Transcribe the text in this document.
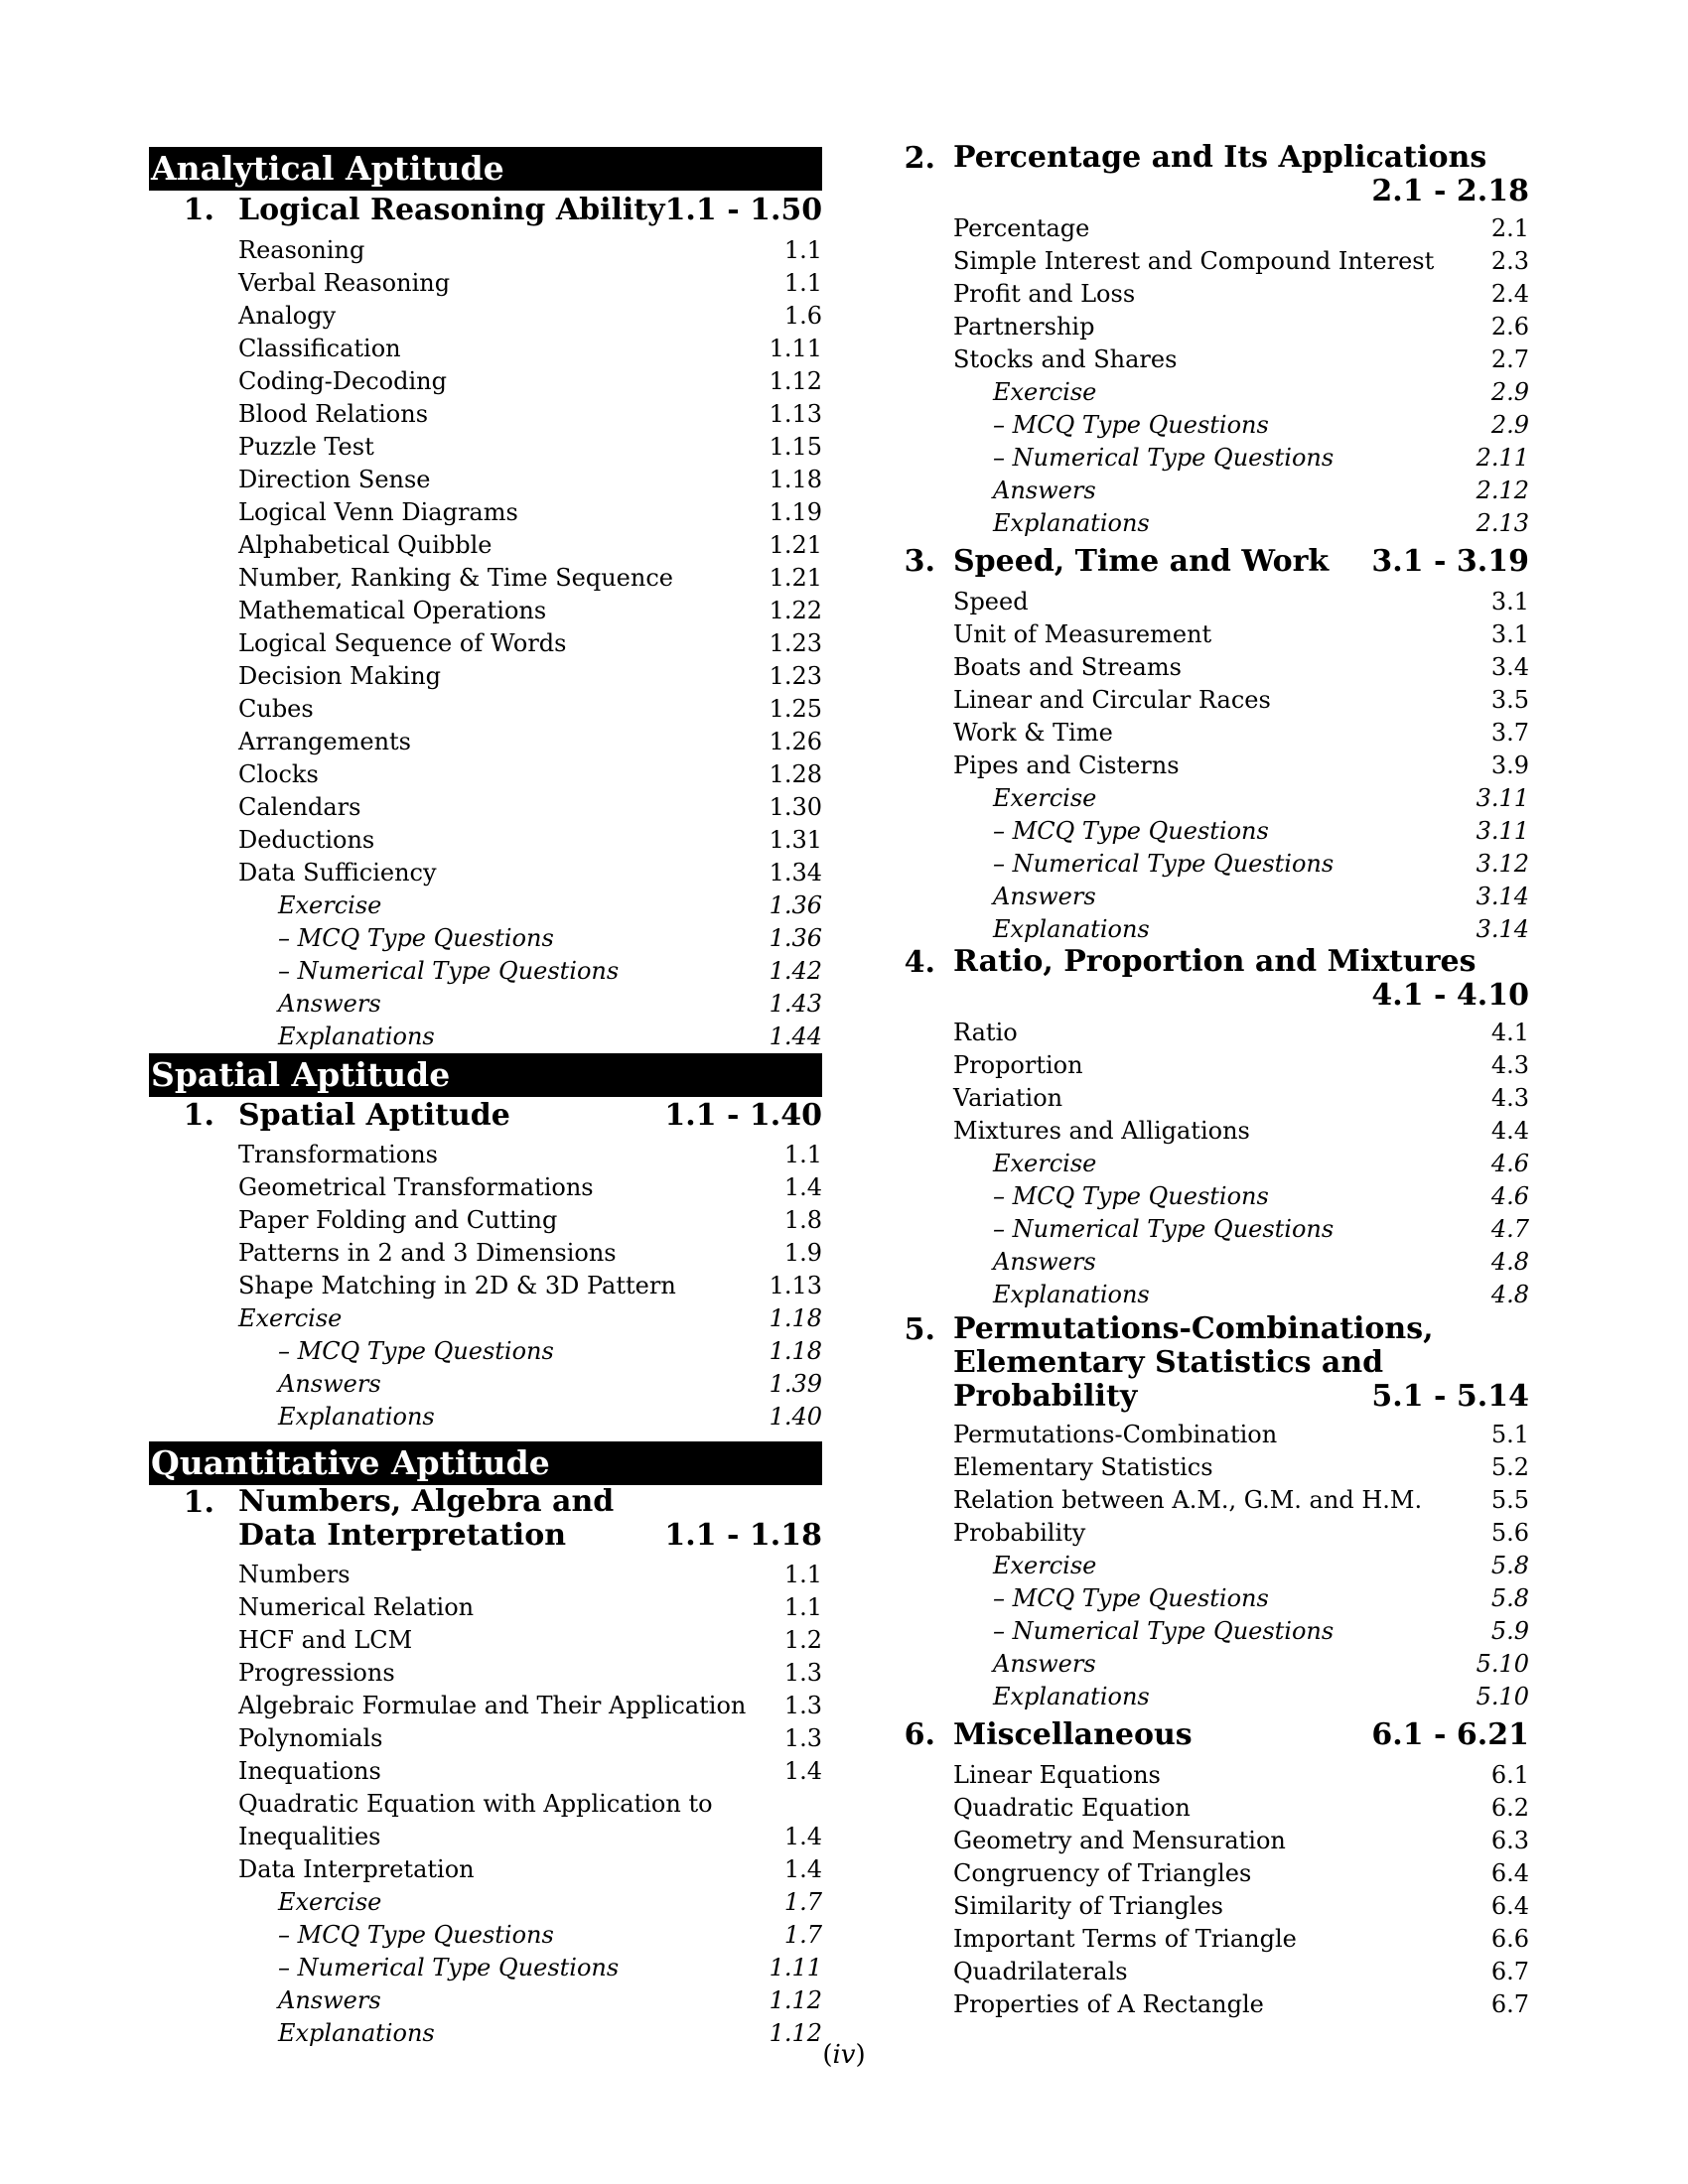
Analytical Aptitude
1. Logical Reasoning Ability 1.1 - 1.50
Reasoning	1.1
Verbal Reasoning	1.1
Analogy	1.6
Classification	1.11
Coding-Decoding	1.12
Blood Relations	1.13
Puzzle Test	1.15
Direction Sense	1.18
Logical Venn Diagrams	1.19
Alphabetical Quibble	1.21
Number, Ranking & Time Sequence	1.21
Mathematical Operations	1.22
Logical Sequence of Words	1.23
Decision Making	1.23
Cubes	1.25
Arrangements	1.26
Clocks	1.28
Calendars	1.30
Deductions	1.31
Data Sufficiency	1.34
Exercise	1.36
– MCQ Type Questions	1.36
– Numerical Type Questions	1.42
Answers	1.43
Explanations	1.44
Spatial Aptitude
1. Spatial Aptitude	1.1 - 1.40
Transformations	1.1
Geometrical Transformations	1.4
Paper Folding and Cutting	1.8
Patterns in 2 and 3 Dimensions	1.9
Shape Matching in 2D & 3D Pattern	1.13
Exercise	1.18
– MCQ Type Questions	1.18
Answers	1.39
Explanations	1.40
Quantitative Aptitude
1. Numbers, Algebra and
Data Interpretation	1.1 - 1.18
Numbers	1.1
Numerical Relation	1.1
HCF and LCM	1.2
Progressions	1.3
Algebraic Formulae and Their Application	1.3
Polynomials	1.3
Inequations	1.4
Quadratic Equation with Application to
Inequalities	1.4
Data Interpretation	1.4
Exercise	1.7
– MCQ Type Questions	1.7
– Numerical Type Questions	1.11
Answers	1.12
Explanations	1.12
2. Percentage and Its Applications
2.1 - 2.18
Percentage	2.1
Simple Interest and Compound Interest	2.3
Profit and Loss	2.4
Partnership	2.6
Stocks and Shares	2.7
Exercise	2.9
– MCQ Type Questions	2.9
– Numerical Type Questions	2.11
Answers	2.12
Explanations	2.13
3. Speed, Time and Work	3.1 - 3.19
Speed	3.1
Unit of Measurement	3.1
Boats and Streams	3.4
Linear and Circular Races	3.5
Work & Time	3.7
Pipes and Cisterns	3.9
Exercise	3.11
– MCQ Type Questions	3.11
– Numerical Type Questions	3.12
Answers	3.14
Explanations	3.14
4. Ratio, Proportion and Mixtures
4.1 - 4.10
Ratio	4.1
Proportion	4.3
Variation	4.3
Mixtures and Alligations	4.4
Exercise	4.6
– MCQ Type Questions	4.6
– Numerical Type Questions	4.7
Answers	4.8
Explanations	4.8
5. Permutations-Combinations,
Elementary Statistics and
Probability	5.1 - 5.14
Permutations-Combination	5.1
Elementary Statistics	5.2
Relation between A.M., G.M. and H.M.	5.5
Probability	5.6
Exercise	5.8
– MCQ Type Questions	5.8
– Numerical Type Questions	5.9
Answers	5.10
Explanations	5.10
6. Miscellaneous	6.1 - 6.21
Linear Equations	6.1
Quadratic Equation	6.2
Geometry and Mensuration	6.3
Congruency of Triangles	6.4
Similarity of Triangles	6.4
Important Terms of Triangle	6.6
Quadrilaterals	6.7
Properties of A Rectangle	6.7
(iv)
